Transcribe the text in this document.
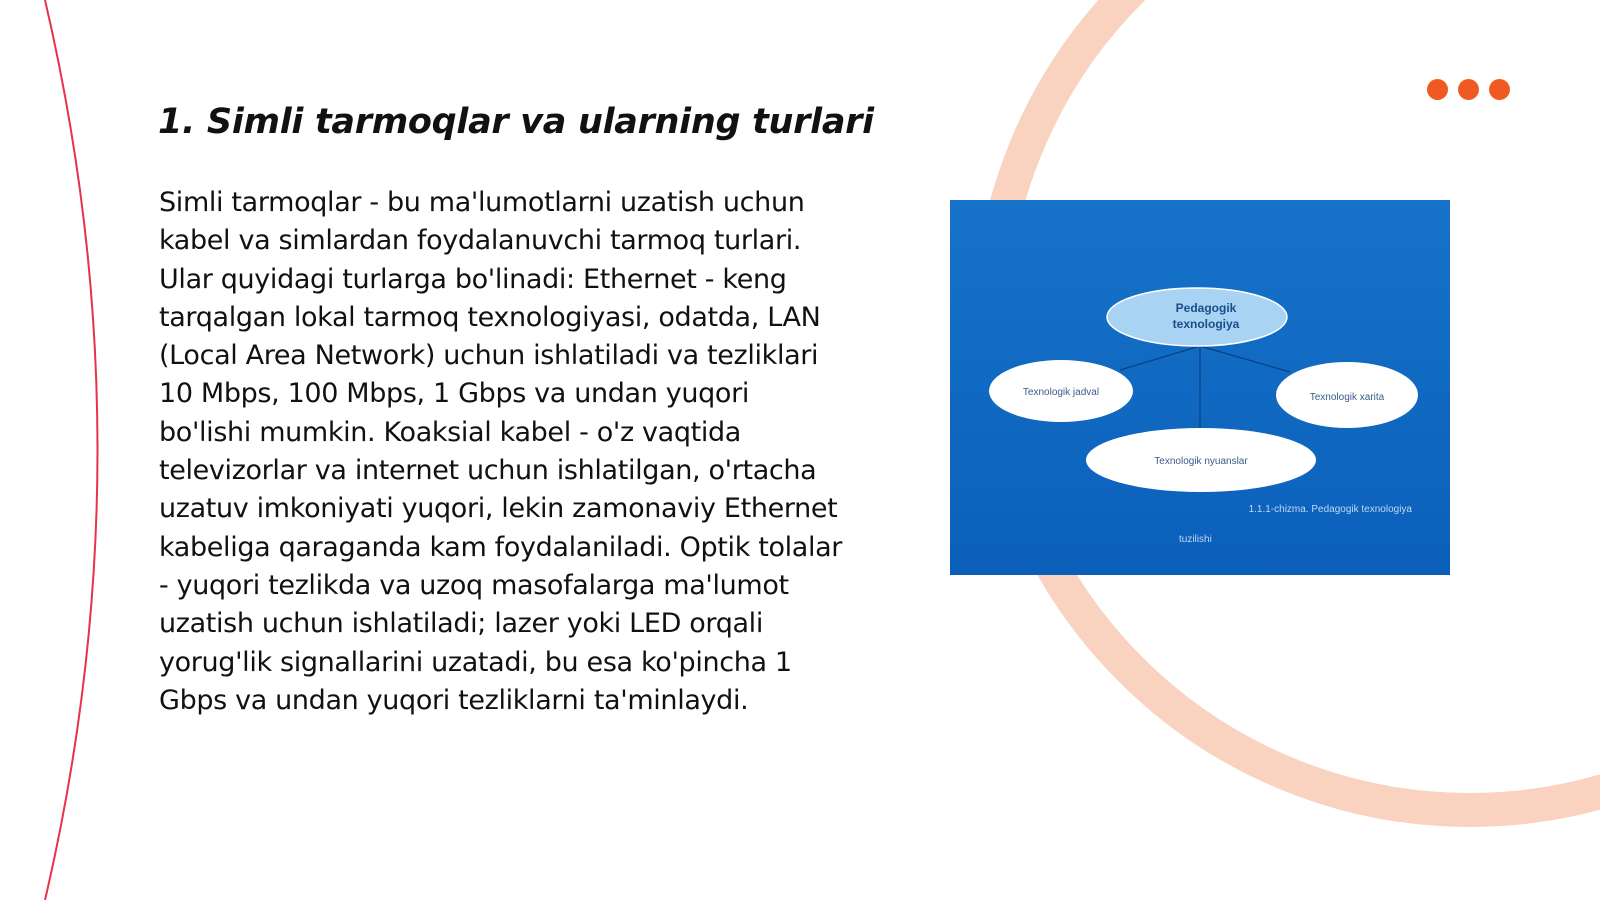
1. Simli tarmoqlar va ularning turlari

Simli tarmoqlar - bu ma'lumotlarni uzatish uchun kabel va simlardan foydalanuvchi tarmoq turlari. Ular quyidagi turlarga bo'linadi: Ethernet - keng tarqalgan lokal tarmoq texnologiyasi, odatda, LAN (Local Area Network) uchun ishlatiladi va tezliklari 10 Mbps, 100 Mbps, 1 Gbps va undan yuqori bo'lishi mumkin. Koaksial kabel - o'z vaqtida televizorlar va internet uchun ishlatilgan, o'rtacha uzatuv imkoniyati yuqori, lekin zamonaviy Ethernet kabeliga qaraganda kam foydalaniladi. Optik tolalar - yuqori tezlikda va uzoq masofalarga ma'lumot uzatish uchun ishlatiladi; lazer yoki LED orqali yorug'lik signallarini uzatadi, bu esa ko'pincha 1 Gbps va undan yuqori tezliklarni ta'minlaydi.

Pedagogik
texnologiya
Texnologik jadval	Texnologik xarita
Texnologik nyuanslar
1.1.1-chizma. Pedagogik texnologiya
tuzilishi
